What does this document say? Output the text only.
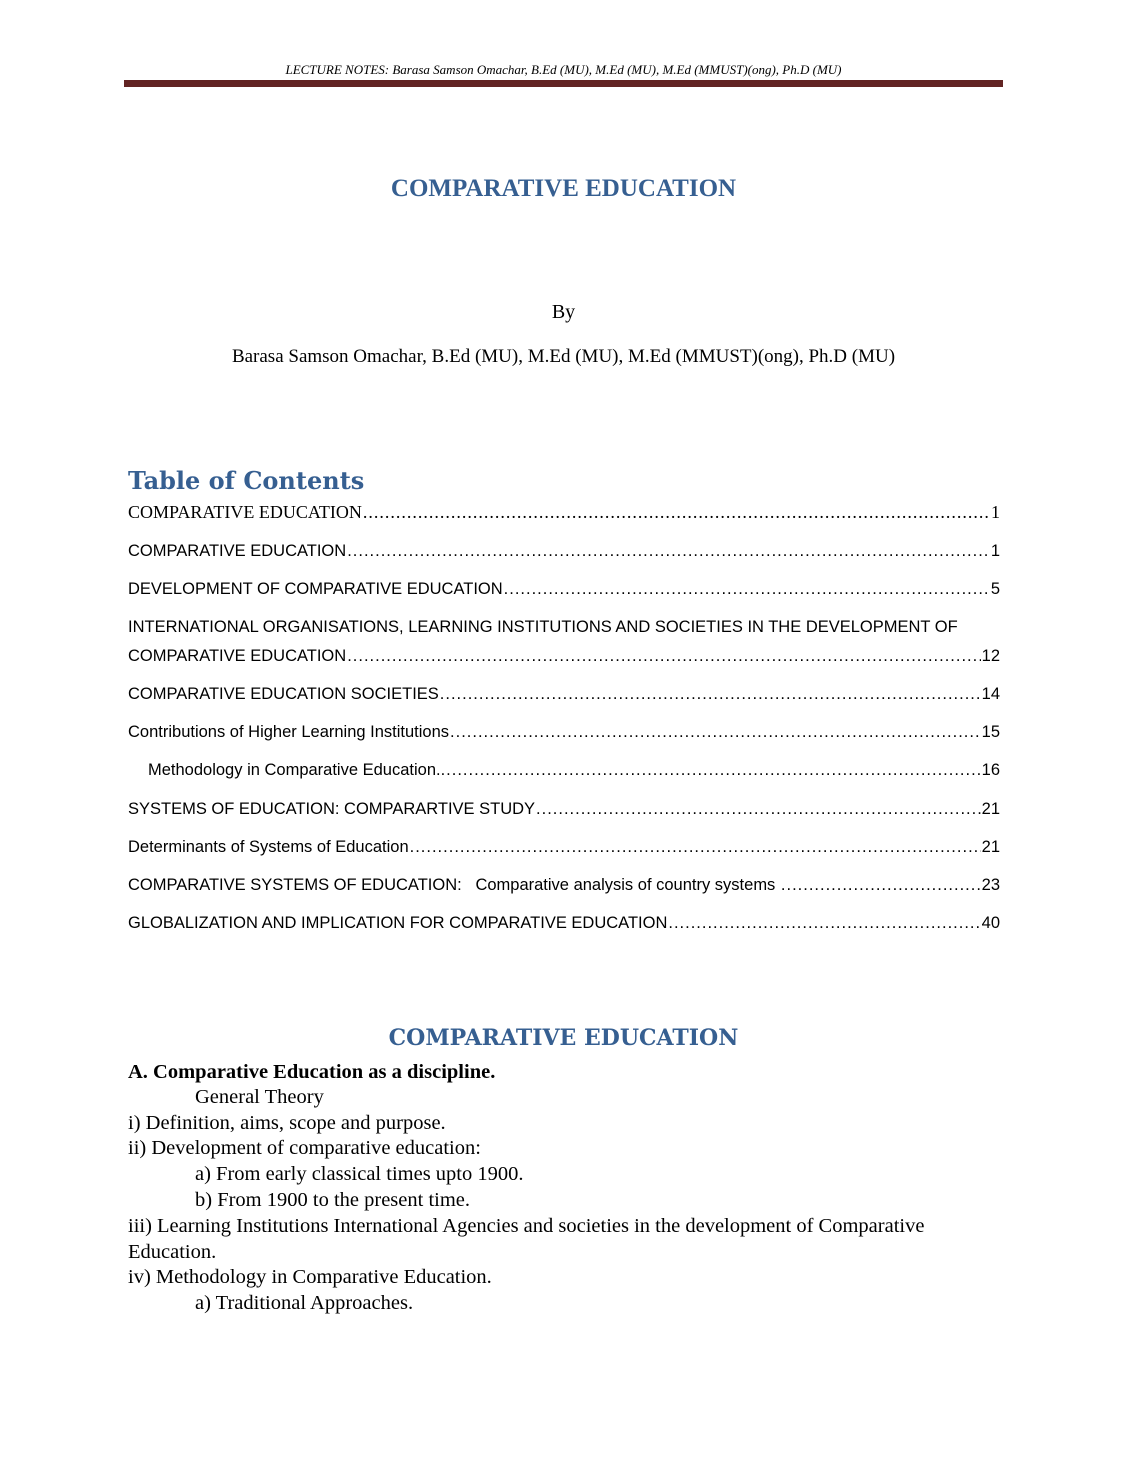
LECTURE NOTES: Barasa Samson Omachar, B.Ed (MU), M.Ed (MU), M.Ed (MMUST)(ong), Ph.D (MU)
COMPARATIVE EDUCATION
By
Barasa Samson Omachar, B.Ed (MU), M.Ed (MU), M.Ed (MMUST)(ong), Ph.D (MU)
Table of Contents
COMPARATIVE EDUCATION .....	1
COMPARATIVE EDUCATION .....	1
DEVELOPMENT OF COMPARATIVE EDUCATION .....	5
INTERNATIONAL ORGANISATIONS, LEARNING INSTITUTIONS AND SOCIETIES IN THE DEVELOPMENT OF
COMPARATIVE EDUCATION .....	12
COMPARATIVE EDUCATION SOCIETIES .....	14
Contributions of Higher Learning Institutions .....	15
Methodology in Comparative Education.. .....	16
SYSTEMS OF EDUCATION: COMPARARTIVE STUDY .....	21
Determinants of Systems of Education .....	21
COMPARATIVE SYSTEMS OF EDUCATION:   Comparative analysis of country systems .....	23
GLOBALIZATION AND IMPLICATION FOR COMPARATIVE EDUCATION .....	40
COMPARATIVE EDUCATION
A. Comparative Education as a discipline.
General Theory
i) Definition, aims, scope and purpose.
ii) Development of comparative education:
a) From early classical times upto 1900.
b) From 1900 to the present time.
iii) Learning Institutions International Agencies and societies in the development of Comparative
Education.
iv) Methodology in Comparative Education.
a) Traditional Approaches.
